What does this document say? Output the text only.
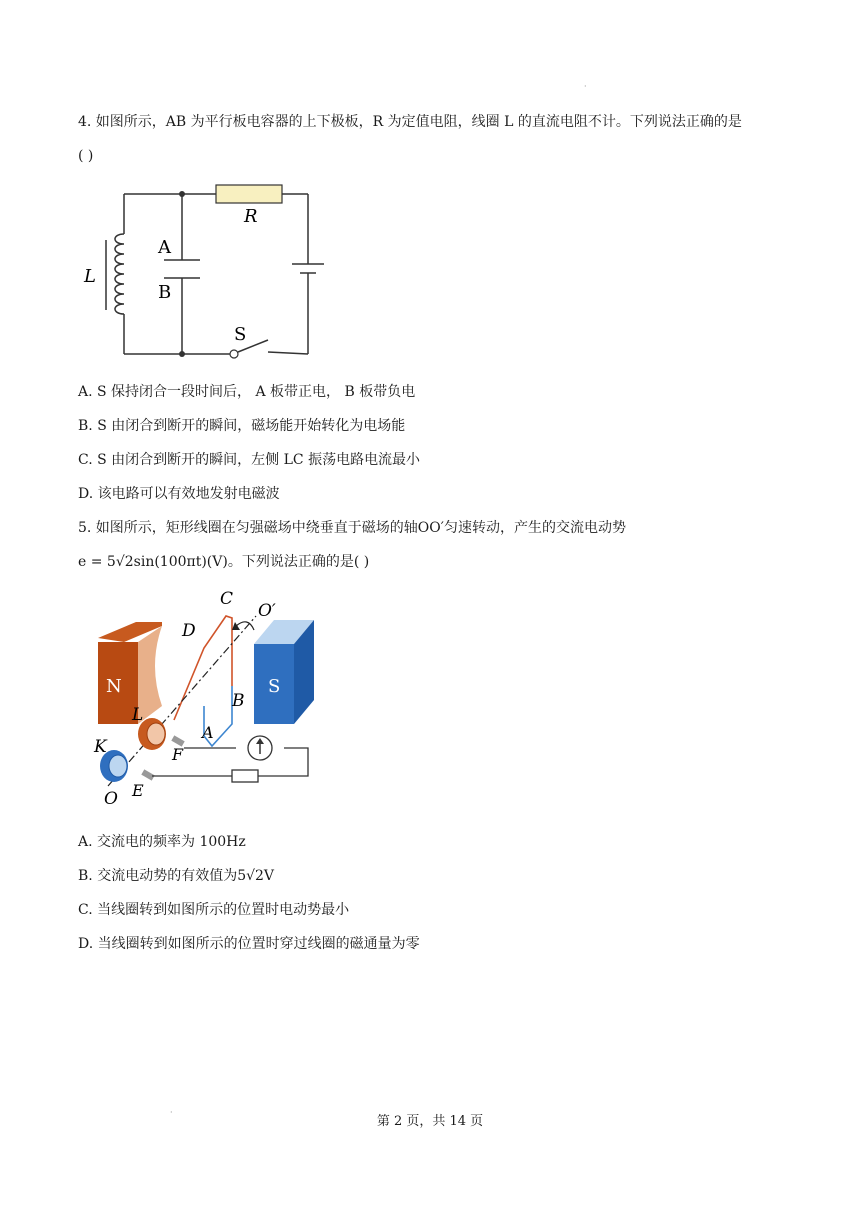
·
4. 如图所示，AB 为平行板电容器的上下极板，R 为定值电阻，线圈 L 的直流电阻不计。下列说法正确的是
( )
R
A
B
L
S
A. S 保持闭合一段时间后， A 板带正电， B 板带负电
B. S 由闭合到断开的瞬间，磁场能开始转化为电场能
C. S 由闭合到断开的瞬间，左侧 LC 振荡电路电流最小
D. 该电路可以有效地发射电磁波
5. 如图所示，矩形线圈在匀强磁场中绕垂直于磁场的轴OO′匀速转动，产生的交流电动势
e = 5√2sin(100πt)(V)。下列说法正确的是( )
N	S
C
O′
D
B
L
A
F
K
O E
A. 交流电的频率为 100Hz
B. 交流电动势的有效值为5√2V
C. 当线圈转到如图所示的位置时电动势最小
D. 当线圈转到如图所示的位置时穿过线圈的磁通量为零
·
第 2 页，共 14 页
